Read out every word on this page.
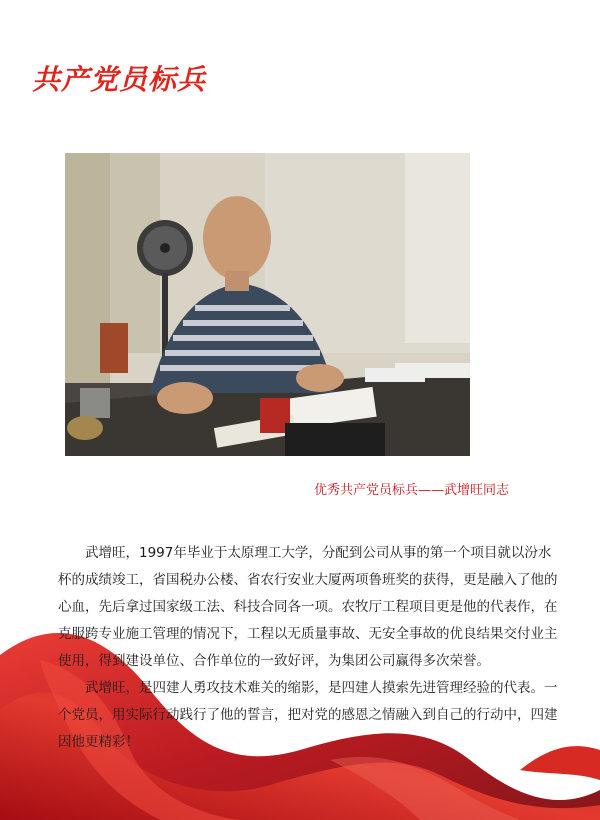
共产党员标兵
优秀共产党员标兵——武增旺同志

武增旺，1997年毕业于太原理工大学，分配到公司从事的第一个项目就以汾水杯的成绩竣工，省国税办公楼、省农行安业大厦两项鲁班奖的获得，更是融入了他的心血，先后拿过国家级工法、科技合同各一项。农牧厅工程项目更是他的代表作，在克服跨专业施工管理的情况下，工程以无质量事故、无安全事故的优良结果交付业主使用，得到建设单位、合作单位的一致好评，为集团公司赢得多次荣誉。

武增旺，是四建人勇攻技术难关的缩影，是四建人摸索先进管理经验的代表。一个党员，用实际行动践行了他的誓言，把对党的感恩之情融入到自己的行动中，四建因他更精彩！
